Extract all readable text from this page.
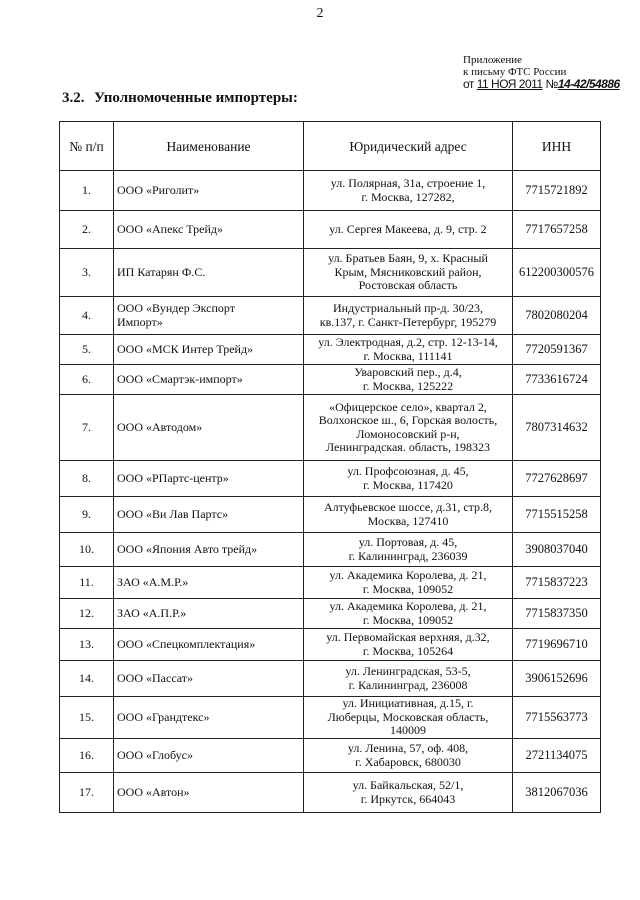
2
Приложение
к письму ФТС России
от 11 НОЯ 2011 №14-42/54886
3.2. Уполномоченные импортеры:
№ п/п	Наименование	Юридический адрес	ИНН
1.	ООО «Риголит»	ул. Полярная, 31а, строение 1,
г. Москва, 127282,	7715721892
2.	ООО «Апекс Трейд»	ул. Сергея Макеева, д. 9, стр. 2	7717657258
3.	ИП Катарян Ф.С.	ул. Братьев Баян, 9, х. Красный
Крым, Мясниковский район,
Ростовская область	612200300576
4.	ООО «Вундер Экспорт
Импорт»	Индустриальный пр-д. 30/23,
кв.137, г. Санкт-Петербург, 195279	7802080204
5.	ООО «МСК Интер Трейд»	ул. Электродная, д.2, стр. 12-13-14,
г. Москва, 111141	7720591367
6.	ООО «Смартэк-импорт»	Уваровский пер., д.4,
г. Москва, 125222	7733616724
7.	ООО «Автодом»	«Офицерское село», квартал 2,
Волхонское ш., 6, Горская волость,
Ломоносовский р-н,
Ленинградская. область, 198323	7807314632
8.	ООО «РПартс-центр»	ул. Профсоюзная, д. 45,
г. Москва, 117420	7727628697
9.	ООО «Ви Лав Партс»	Алтуфьевское шоссе, д.31, стр.8,
Москва, 127410	7715515258
10.	ООО «Япония Авто трейд»	ул. Портовая, д. 45,
г. Калининград, 236039	3908037040
11.	ЗАО «А.М.Р.»	ул. Академика Королева, д. 21,
г. Москва, 109052	7715837223
12.	ЗАО «А.П.Р.»	ул. Академика Королева, д. 21,
г. Москва, 109052	7715837350
13.	ООО «Спецкомплектация»	ул. Первомайская верхняя, д.32,
г. Москва, 105264	7719696710
14.	ООО «Пассат»	ул. Ленинградская, 53-5,
г. Калининград, 236008	3906152696
15.	ООО «Грандтекс»	ул. Инициативная, д.15, г.
Люберцы, Московская область,
140009	7715563773
16.	ООО «Глобус»	ул. Ленина, 57, оф. 408,
г. Хабаровск, 680030	2721134075
17.	ООО «Автон»	ул. Байкальская, 52/1,
г. Иркутск, 664043	3812067036
